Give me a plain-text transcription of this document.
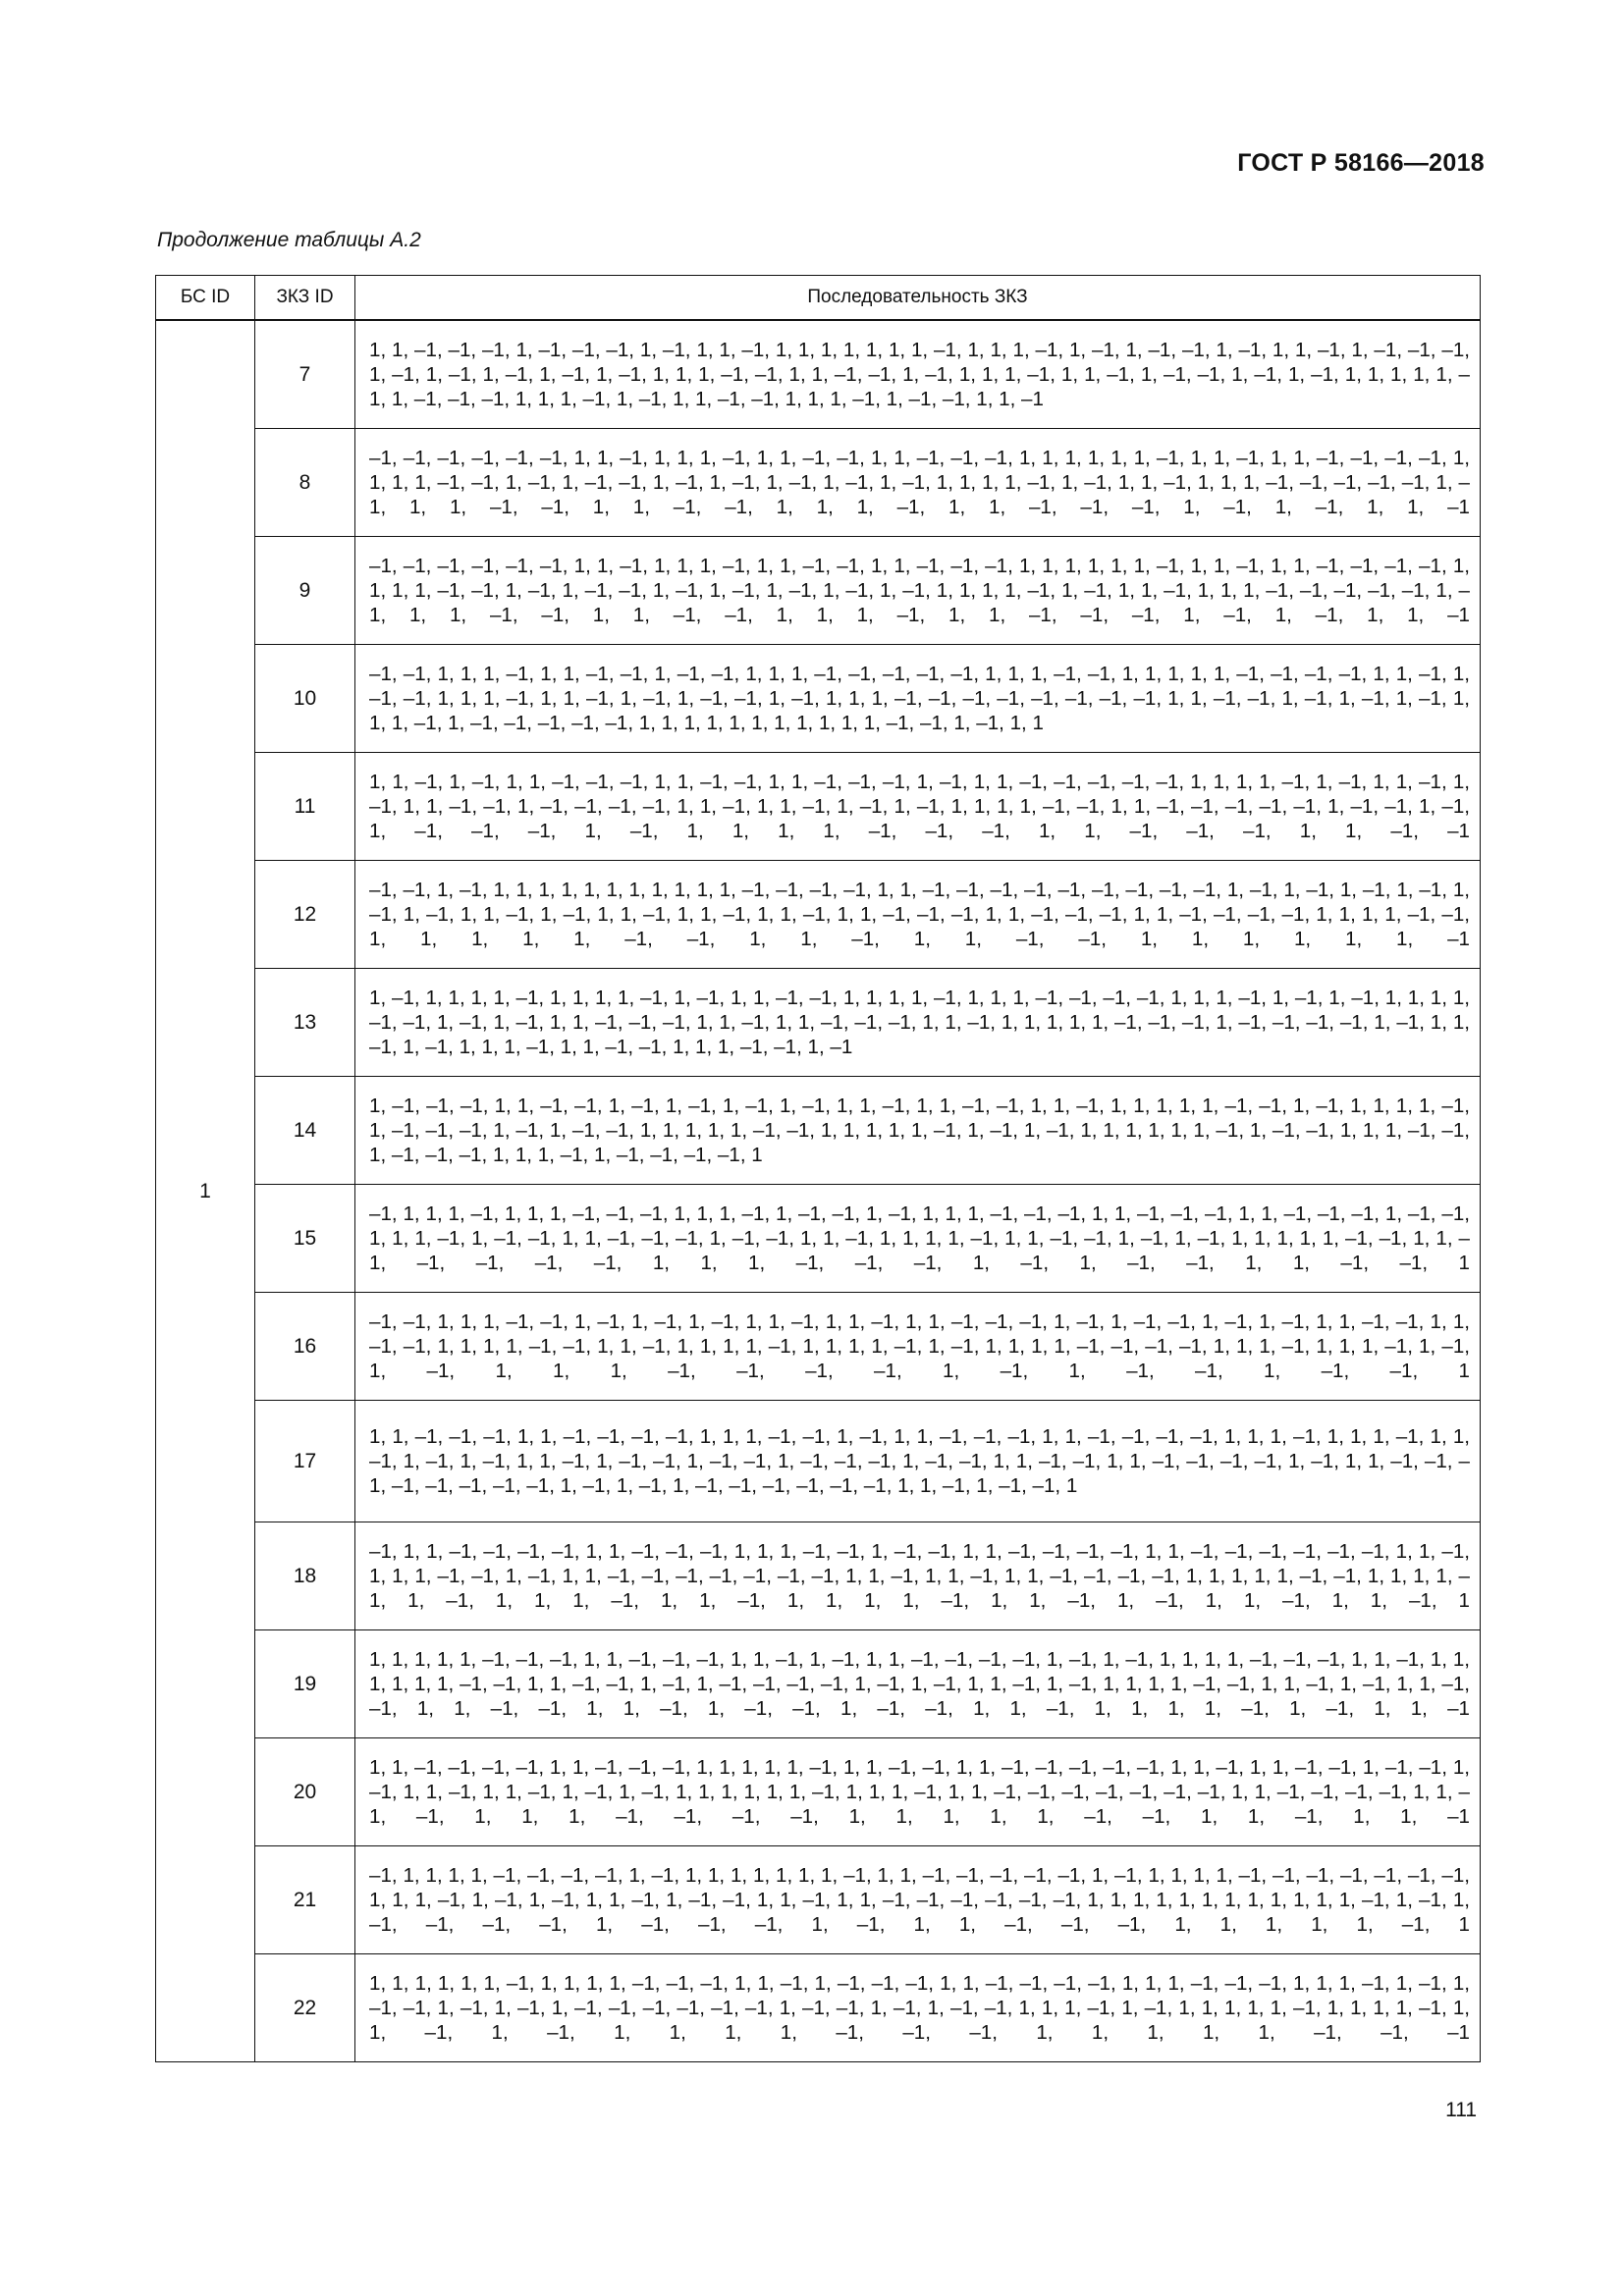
ГОСТ Р 58166—2018
Продолжение таблицы А.2
БС ID	ЗКЗ ID	Последовательность ЗКЗ
1	7	1, 1, –1, –1, –1, 1, –1, –1, –1, 1, –1, 1, 1, –1, 1, 1, 1, 1, 1, 1, 1, –1, 1, 1, 1, –1, 1, –1, 1, –1, –1, 1, –1, 1, 1, –1, 1, –1, –1, –1, 1, –1, 1, –1, 1, –1, 1, –1, 1, –1, 1, 1, 1, –1, –1, 1, 1, –1, –1, 1, –1, 1, 1, 1, –1, 1, 1, –1, 1, –1, –1, 1, –1, 1, –1, 1, 1, 1, 1, 1, –1, 1, –1, –1, –1, 1, 1, 1, –1, 1, –1, 1, 1, –1, –1, 1, 1, 1, –1, 1, –1, –1, 1, 1, –1
	8	–1, –1, –1, –1, –1, –1, 1, 1, –1, 1, 1, 1, –1, 1, 1, –1, –1, 1, 1, –1, –1, –1, 1, 1, 1, 1, 1, 1, –1, 1, 1, –1, 1, 1, –1, –1, –1, –1, 1, 1, 1, 1, –1, –1, 1, –1, 1, –1, –1, 1, –1, 1, –1, 1, –1, 1, –1, 1, –1, 1, 1, 1, 1, –1, 1, –1, 1, 1, –1, 1, 1, 1, –1, –1, –1, –1, –1, 1, –1, 1, 1, –1, –1, 1, 1, –1, –1, 1, 1, 1, –1, 1, 1, –1, –1, –1, 1, –1, 1, –1, 1, 1, –1
	9	–1, –1, –1, –1, –1, –1, 1, 1, –1, 1, 1, 1, –1, 1, 1, –1, –1, 1, 1, –1, –1, –1, 1, 1, 1, 1, 1, 1, –1, 1, 1, –1, 1, 1, –1, –1, –1, –1, 1, 1, 1, 1, –1, –1, 1, –1, 1, –1, –1, 1, –1, 1, –1, 1, –1, 1, –1, 1, –1, 1, 1, 1, 1, –1, 1, –1, 1, 1, –1, 1, 1, 1, –1, –1, –1, –1, –1, 1, –1, 1, 1, –1, –1, 1, 1, –1, –1, 1, 1, 1, –1, 1, 1, –1, –1, –1, 1, –1, 1, –1, 1, 1, –1
	10	–1, –1, 1, 1, 1, –1, 1, 1, –1, –1, 1, –1, –1, 1, 1, 1, –1, –1, –1, –1, –1, 1, 1, 1, –1, –1, 1, 1, 1, 1, 1, –1, –1, –1, –1, 1, 1, –1, 1, –1, –1, 1, 1, 1, –1, 1, 1, –1, 1, –1, 1, –1, –1, 1, –1, 1, 1, 1, –1, –1, –1, –1, –1, –1, –1, –1, 1, 1, –1, –1, 1, –1, 1, –1, 1, –1, 1, 1, 1, –1, 1, –1, –1, –1, –1, –1, 1, 1, 1, 1, 1, 1, 1, 1, 1, 1, 1, –1, –1, 1, –1, 1, 1
	11	1, 1, –1, 1, –1, 1, 1, –1, –1, –1, 1, 1, –1, –1, 1, 1, –1, –1, –1, 1, –1, 1, 1, –1, –1, –1, –1, –1, 1, 1, 1, 1, –1, 1, –1, 1, 1, –1, 1, –1, 1, 1, –1, –1, 1, –1, –1, –1, –1, 1, 1, –1, 1, 1, –1, 1, –1, 1, –1, 1, 1, 1, 1, –1, –1, 1, 1, –1, –1, –1, –1, –1, 1, –1, –1, 1, –1, 1, –1, –1, –1, 1, –1, 1, 1, 1, 1, –1, –1, –1, 1, 1, –1, –1, –1, 1, 1, –1, –1
	12	–1, –1, 1, –1, 1, 1, 1, 1, 1, 1, 1, 1, 1, 1, 1, –1, –1, –1, –1, 1, 1, –1, –1, –1, –1, –1, –1, –1, –1, –1, 1, –1, 1, –1, 1, –1, 1, –1, 1, –1, 1, –1, 1, 1, –1, 1, –1, 1, 1, –1, 1, 1, –1, 1, 1, –1, 1, 1, –1, –1, –1, 1, 1, –1, –1, –1, 1, 1, –1, –1, –1, –1, 1, 1, 1, 1, –1, –1, 1, 1, 1, 1, 1, –1, –1, 1, 1, –1, 1, 1, –1, –1, 1, 1, 1, 1, 1, 1, –1
	13	1, –1, 1, 1, 1, 1, –1, 1, 1, 1, 1, –1, 1, –1, 1, 1, –1, –1, 1, 1, 1, 1, –1, 1, 1, 1, –1, –1, –1, –1, 1, 1, 1, –1, 1, –1, 1, –1, 1, 1, 1, 1, –1, –1, 1, –1, 1, –1, 1, 1, –1, –1, –1, 1, 1, –1, 1, 1, –1, –1, –1, 1, 1, –1, 1, 1, 1, 1, 1, –1, –1, –1, 1, –1, –1, –1, –1, 1, –1, 1, 1, –1, 1, –1, 1, 1, 1, –1, 1, 1, –1, –1, 1, 1, 1, –1, –1, 1, –1
	14	1, –1, –1, –1, 1, 1, –1, –1, 1, –1, 1, –1, 1, –1, 1, –1, 1, 1, –1, 1, 1, –1, –1, 1, 1, –1, 1, 1, 1, 1, 1, –1, –1, 1, –1, 1, 1, 1, 1, –1, 1, –1, –1, –1, 1, –1, 1, –1, –1, 1, 1, 1, 1, 1, –1, –1, 1, 1, 1, 1, 1, –1, 1, –1, 1, –1, 1, 1, 1, 1, 1, 1, –1, 1, –1, –1, 1, 1, 1, –1, –1, 1, –1, –1, –1, 1, 1, 1, –1, 1, –1, –1, –1, –1, 1
	15	–1, 1, 1, 1, –1, 1, 1, 1, –1, –1, –1, 1, 1, 1, –1, 1, –1, –1, 1, –1, 1, 1, 1, –1, –1, –1, 1, 1, –1, –1, –1, 1, 1, –1, –1, –1, 1, –1, –1, 1, 1, 1, –1, 1, –1, –1, 1, 1, –1, –1, –1, 1, –1, –1, 1, 1, –1, 1, 1, 1, 1, –1, 1, 1, –1, –1, 1, –1, 1, –1, 1, 1, 1, 1, 1, –1, –1, 1, 1, –1, –1, –1, –1, –1, 1, 1, 1, –1, –1, –1, 1, –1, 1, –1, –1, 1, 1, –1, –1, 1
	16	–1, –1, 1, 1, 1, –1, –1, 1, –1, 1, –1, 1, –1, 1, 1, –1, 1, 1, –1, 1, 1, –1, –1, –1, 1, –1, 1, –1, –1, 1, –1, 1, –1, 1, 1, –1, –1, 1, 1, –1, –1, 1, 1, 1, 1, –1, –1, 1, 1, –1, 1, 1, 1, 1, –1, 1, 1, 1, 1, –1, 1, –1, 1, 1, 1, 1, –1, –1, –1, –1, 1, 1, 1, –1, 1, 1, 1, –1, 1, –1, 1, –1, 1, 1, 1, –1, –1, –1, –1, 1, –1, 1, –1, –1, 1, –1, –1, 1
	17	1, 1, –1, –1, –1, 1, 1, –1, –1, –1, –1, 1, 1, 1, –1, –1, 1, –1, 1, 1, –1, –1, –1, 1, 1, –1, –1, –1, –1, 1, 1, 1, –1, 1, 1, 1, –1, 1, 1, –1, 1, –1, 1, –1, 1, 1, –1, 1, –1, –1, 1, –1, –1, 1, –1, –1, –1, 1, –1, –1, 1, 1, –1, –1, 1, 1, –1, –1, –1, –1, 1, –1, 1, 1, –1, –1, –1, –1, –1, –1, –1, –1, 1, –1, 1, –1, 1, –1, –1, –1, –1, –1, –1, 1, 1, –1, 1, –1, –1, 1
	18	–1, 1, 1, –1, –1, –1, –1, 1, 1, –1, –1, –1, 1, 1, 1, –1, –1, 1, –1, –1, 1, 1, –1, –1, –1, –1, 1, 1, –1, –1, –1, –1, –1, –1, 1, 1, –1, 1, 1, 1, –1, –1, 1, –1, 1, 1, –1, –1, –1, –1, –1, –1, –1, 1, 1, –1, 1, 1, –1, 1, 1, –1, –1, –1, –1, 1, 1, 1, 1, 1, –1, –1, 1, 1, 1, 1, –1, 1, –1, 1, 1, 1, –1, 1, 1, –1, 1, 1, 1, 1, –1, 1, 1, –1, 1, –1, 1, 1, –1, 1, 1, –1, 1
	19	1, 1, 1, 1, 1, –1, –1, –1, 1, 1, –1, –1, –1, 1, 1, –1, 1, –1, 1, 1, –1, –1, –1, –1, 1, –1, 1, –1, 1, 1, 1, 1, –1, –1, –1, 1, 1, –1, 1, 1, 1, 1, 1, 1, –1, –1, 1, 1, –1, –1, 1, –1, 1, –1, –1, –1, –1, 1, –1, 1, –1, 1, 1, –1, 1, –1, 1, 1, 1, 1, –1, –1, 1, 1, –1, 1, –1, 1, 1, –1, –1, 1, 1, –1, –1, 1, 1, –1, 1, –1, –1, 1, –1, –1, 1, 1, –1, 1, 1, 1, 1, –1, 1, –1, 1, 1, –1
	20	1, 1, –1, –1, –1, –1, 1, 1, –1, –1, –1, 1, 1, 1, 1, 1, –1, 1, 1, –1, –1, 1, 1, –1, –1, –1, –1, –1, 1, 1, –1, 1, 1, –1, –1, 1, –1, –1, 1, –1, 1, 1, –1, 1, 1, –1, 1, –1, 1, –1, 1, 1, 1, 1, 1, 1, –1, 1, 1, 1, –1, 1, 1, –1, –1, –1, –1, –1, –1, –1, 1, 1, –1, –1, –1, –1, 1, 1, –1, –1, 1, 1, 1, –1, –1, –1, –1, 1, 1, 1, 1, 1, –1, –1, 1, 1, –1, 1, 1, –1
	21	–1, 1, 1, 1, 1, –1, –1, –1, –1, 1, –1, 1, 1, 1, 1, 1, 1, 1, –1, 1, 1, –1, –1, –1, –1, –1, 1, –1, 1, 1, 1, 1, –1, –1, –1, –1, –1, –1, –1, 1, 1, 1, –1, 1, –1, 1, –1, 1, 1, –1, 1, –1, –1, 1, 1, –1, 1, 1, –1, –1, –1, –1, –1, –1, 1, 1, 1, 1, 1, 1, 1, 1, 1, 1, 1, 1, –1, 1, –1, 1, –1, –1, –1, –1, 1, –1, –1, –1, 1, –1, 1, 1, –1, –1, –1, 1, 1, 1, 1, 1, –1, 1
	22	1, 1, 1, 1, 1, 1, –1, 1, 1, 1, 1, –1, –1, –1, 1, 1, –1, 1, –1, –1, –1, 1, 1, –1, –1, –1, –1, 1, 1, 1, –1, –1, –1, 1, 1, 1, –1, 1, –1, 1, –1, –1, 1, –1, 1, –1, 1, –1, –1, –1, –1, –1, –1, 1, –1, –1, 1, –1, 1, –1, –1, 1, 1, 1, –1, 1, –1, 1, 1, 1, 1, 1, –1, 1, 1, 1, 1, –1, 1, 1, –1, 1, –1, 1, 1, 1, 1, –1, –1, –1, 1, 1, 1, 1, 1, –1, –1, –1
111
